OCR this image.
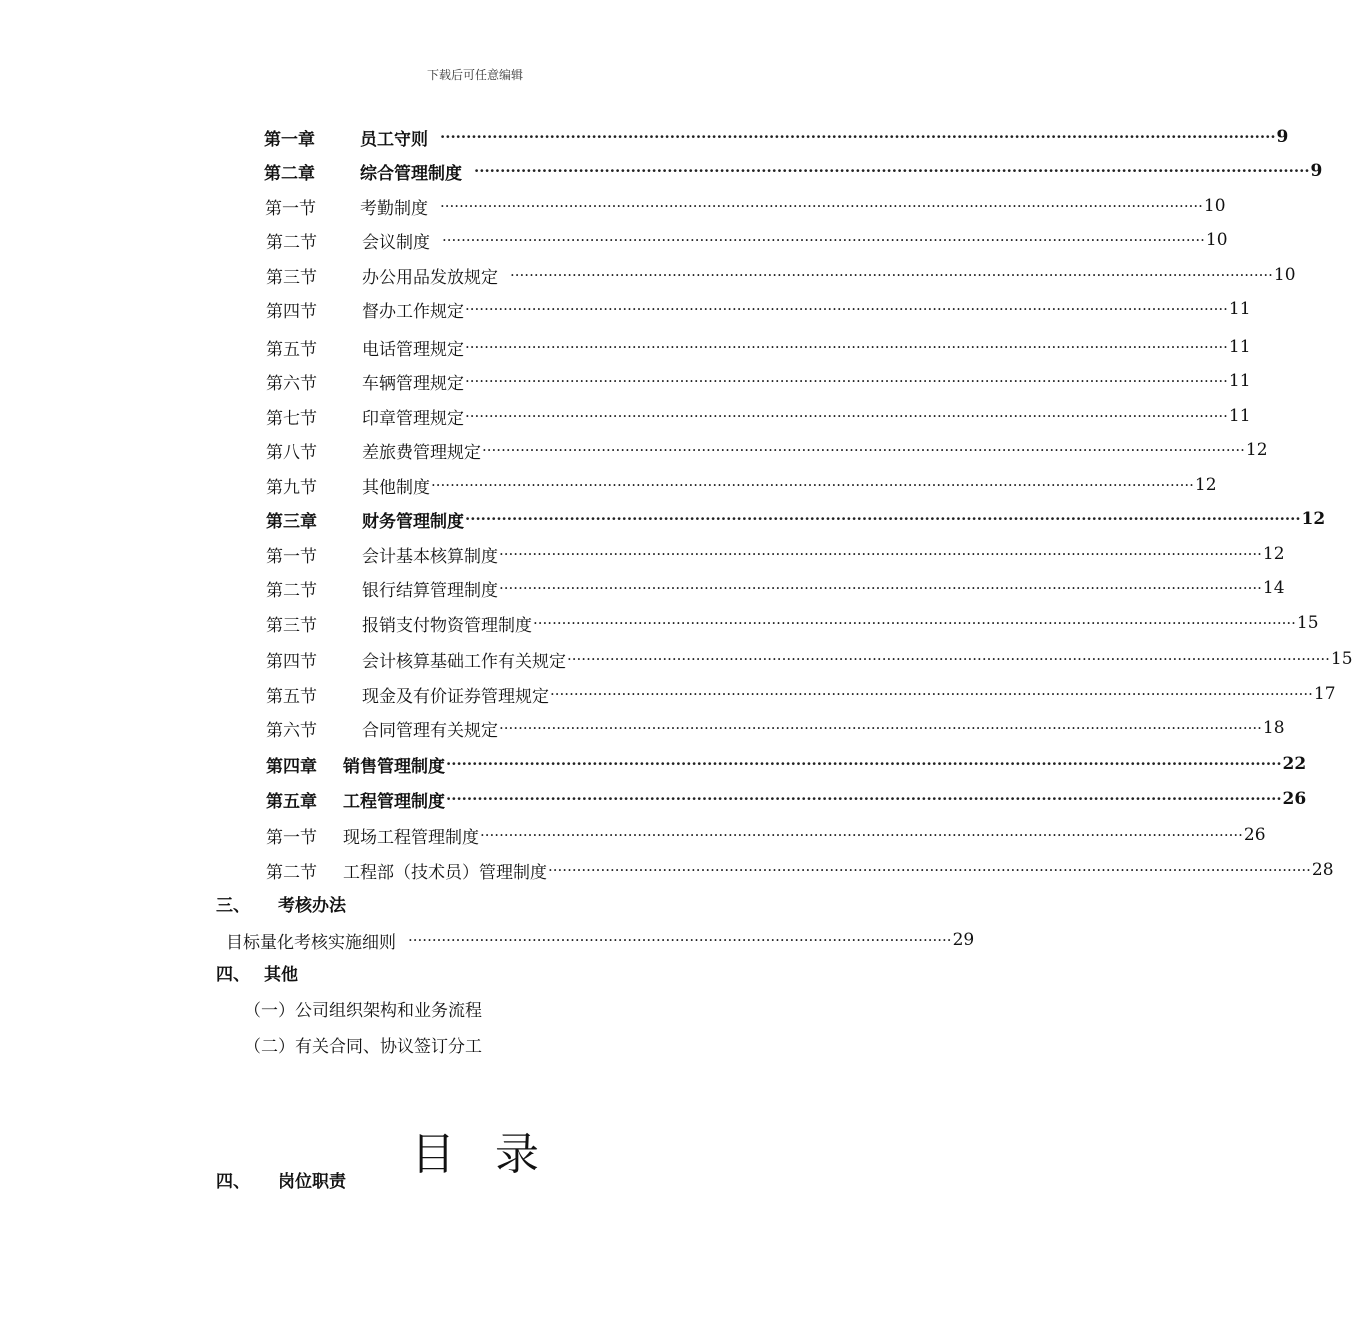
下载后可任意编辑
第一章	员工守则 ································································································································································ 9
第二章	综合管理制度 ································································································································································ 9
第一节	考勤制度 ································································································································································ 10
第二节	会议制度 ································································································································································ 10
第三节	办公用品发放规定 ································································································································································ 10
第四节	督办工作规定 ································································································································································ 11
第五节	电话管理规定 ································································································································································ 11
第六节	车辆管理规定 ································································································································································ 11
第七节	印章管理规定 ································································································································································ 11
第八节	差旅费管理规定 ································································································································································ 12
第九节	其他制度 ································································································································································ 12
第三章	财务管理制度 ································································································································································ 12
第一节	会计基本核算制度 ································································································································································ 12
第二节	银行结算管理制度 ································································································································································ 14
第三节	报销支付物资管理制度 ································································································································································ 15
第四节	会计核算基础工作有关规定 ································································································································································ 15
第五节	现金及有价证券管理规定 ································································································································································ 17
第六节	合同管理有关规定 ································································································································································ 18
第四章	销售管理制度 ································································································································································ 22
第五章	工程管理制度 ································································································································································ 26
第一节	现场工程管理制度 ································································································································································ 26
第二节	工程部（技术员）管理制度 ································································································································································ 28
三、 考核办法
目标量化考核实施细则 ·················································································································· 29
四、 其他
（一）公司组织架构和业务流程
（二）有关合同、协议签订分工
目录
四、 岗位职责
